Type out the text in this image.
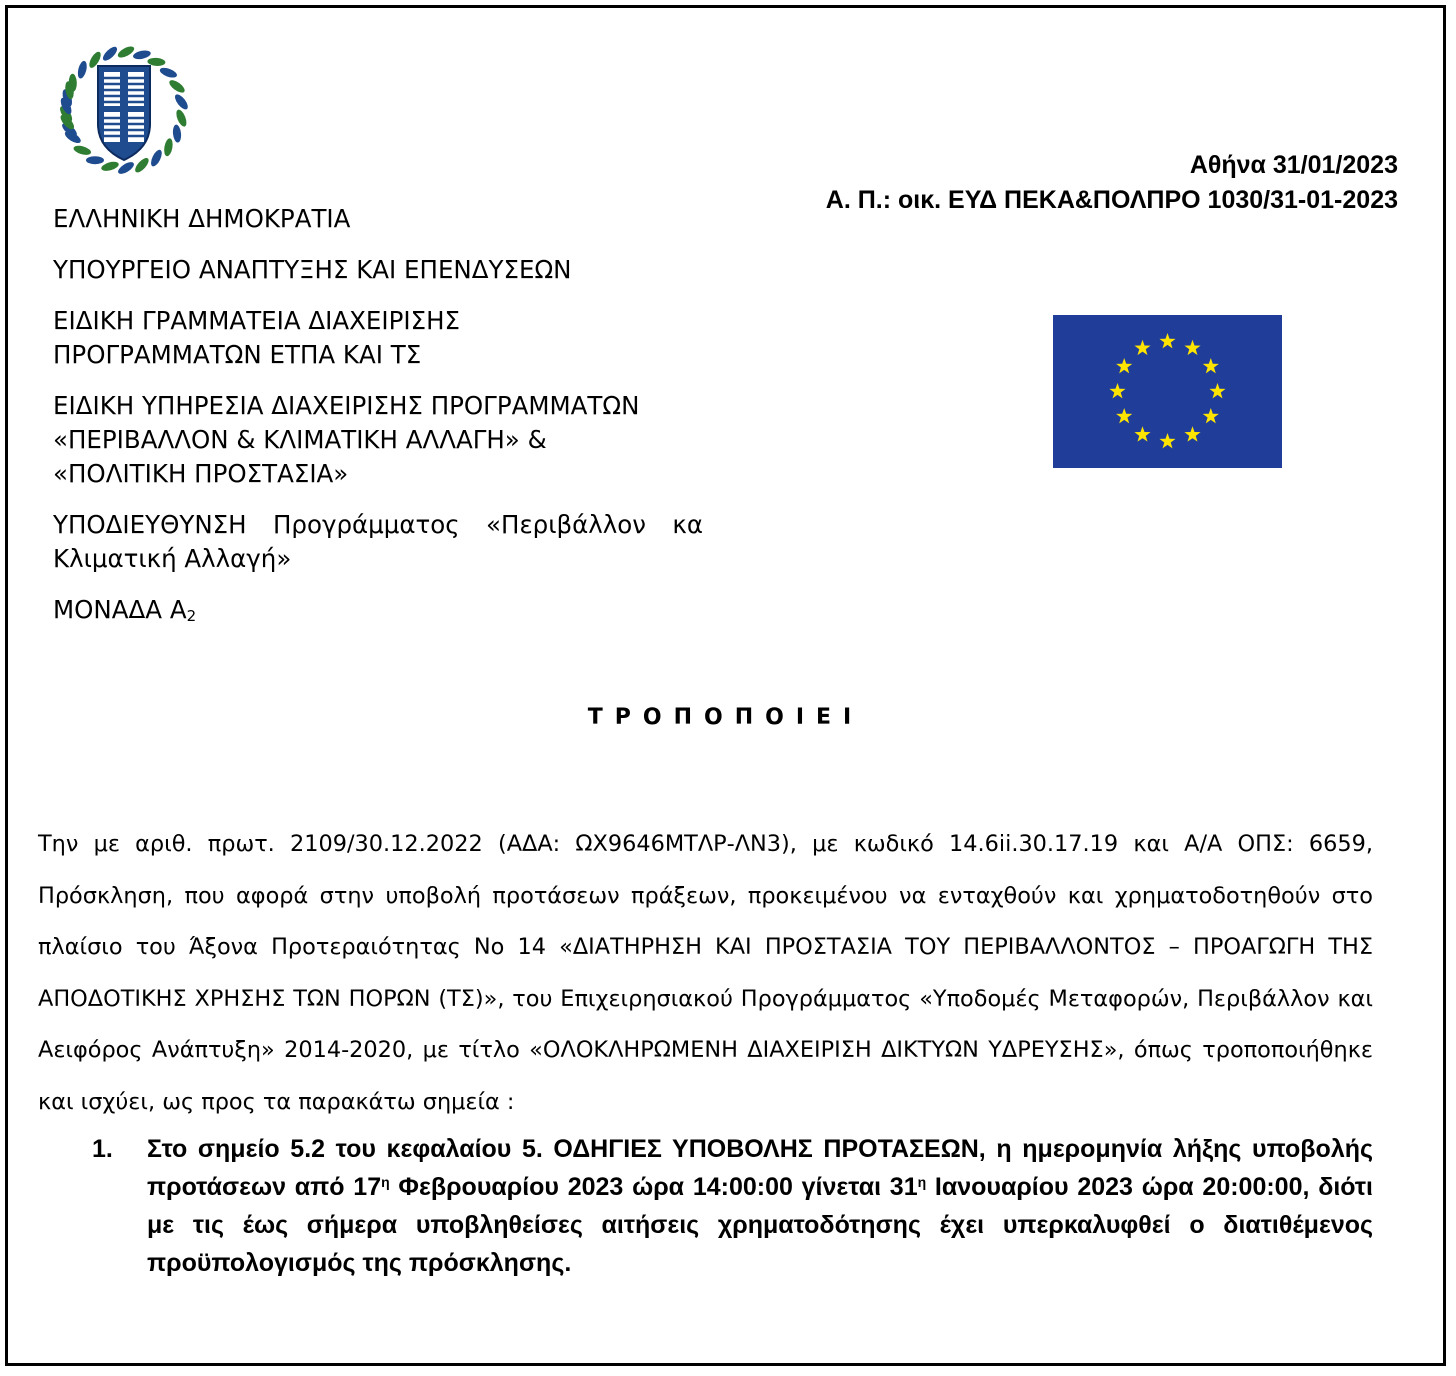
Αθήνα 31/01/2023
Α. Π.: οικ. ΕΥΔ ΠΕΚΑ&ΠΟΛΠΡΟ 1030/31-01-2023

ΕΛΛΗΝΙΚΗ ΔΗΜΟΚΡΑΤΙΑ

ΥΠΟΥΡΓΕΙΟ ΑΝΑΠΤΥΞΗΣ ΚΑΙ ΕΠΕΝΔΥΣΕΩΝ

ΕΙΔΙΚΗ ΓΡΑΜΜΑΤΕΙΑ ΔΙΑΧΕΙΡΙΣΗΣ
ΠΡΟΓΡΑΜΜΑΤΩΝ ΕΤΠΑ ΚΑΙ ΤΣ

ΕΙΔΙΚΗ ΥΠΗΡΕΣΙΑ ΔΙΑΧΕΙΡΙΣΗΣ ΠΡΟΓΡΑΜΜΑΤΩΝ
«ΠΕΡΙΒΑΛΛΟΝ & ΚΛΙΜΑΤΙΚΗ ΑΛΛΑΓΗ» &
«ΠΟΛΙΤΙΚΗ ΠΡΟΣΤΑΣΙΑ»

ΥΠΟΔΙΕΥΘΥΝΣΗ Προγράμματος «Περιβάλλον κα Κλιματική Αλλαγή»

ΜΟΝΑΔΑ $A_2$

ΤΡΟΠΟΠΟΙΕΙ
Την με αριθ. πρωτ. 2109/30.12.2022 (ΑΔΑ: ΩΧ9646ΜΤΛΡ-ΛΝ3), με κωδικό 14.6ii.30.17.19 και Α/Α ΟΠΣ: 6659, Πρόσκληση, που αφορά στην υποβολή προτάσεων πράξεων, προκειμένου να ενταχθούν και χρηματοδοτηθούν στο πλαίσιο του Άξονα Προτεραιότητας Νο 14 «ΔΙΑΤΗΡΗΣΗ ΚΑΙ ΠΡΟΣΤΑΣΙΑ ΤΟΥ ΠΕΡΙΒΑΛΛΟΝΤΟΣ – ΠΡΟΑΓΩΓΗ ΤΗΣ ΑΠΟΔΟΤΙΚΗΣ ΧΡΗΣΗΣ ΤΩΝ ΠΟΡΩΝ (ΤΣ)», του Επιχειρησιακού Προγράμματος «Υποδομές Μεταφορών, Περιβάλλον και Αειφόρος Ανάπτυξη» 2014-2020, με τίτλο «ΟΛΟΚΛΗΡΩΜΕΝΗ ΔΙΑΧΕΙΡΙΣΗ ΔΙΚΤΥΩΝ ΥΔΡΕΥΣΗΣ», όπως τροποποιήθηκε και ισχύει, ως προς τα παρακάτω σημεία :
1. Στο σημείο 5.2 του κεφαλαίου 5. ΟΔΗΓΙΕΣ ΥΠΟΒΟΛΗΣ ΠΡΟΤΑΣΕΩΝ, η ημερομηνία λήξης υποβολής προτάσεων από $17^\eta$ Φεβρουαρίου 2023 ώρα 14:00:00 γίνεται $31^\eta$ Ιανουαρίου 2023 ώρα 20:00:00, διότι με τις έως σήμερα υποβληθείσες αιτήσεις χρηματοδότησης έχει υπερκαλυφθεί ο διατιθέμενος προϋπολογισμός της πρόσκλησης.
